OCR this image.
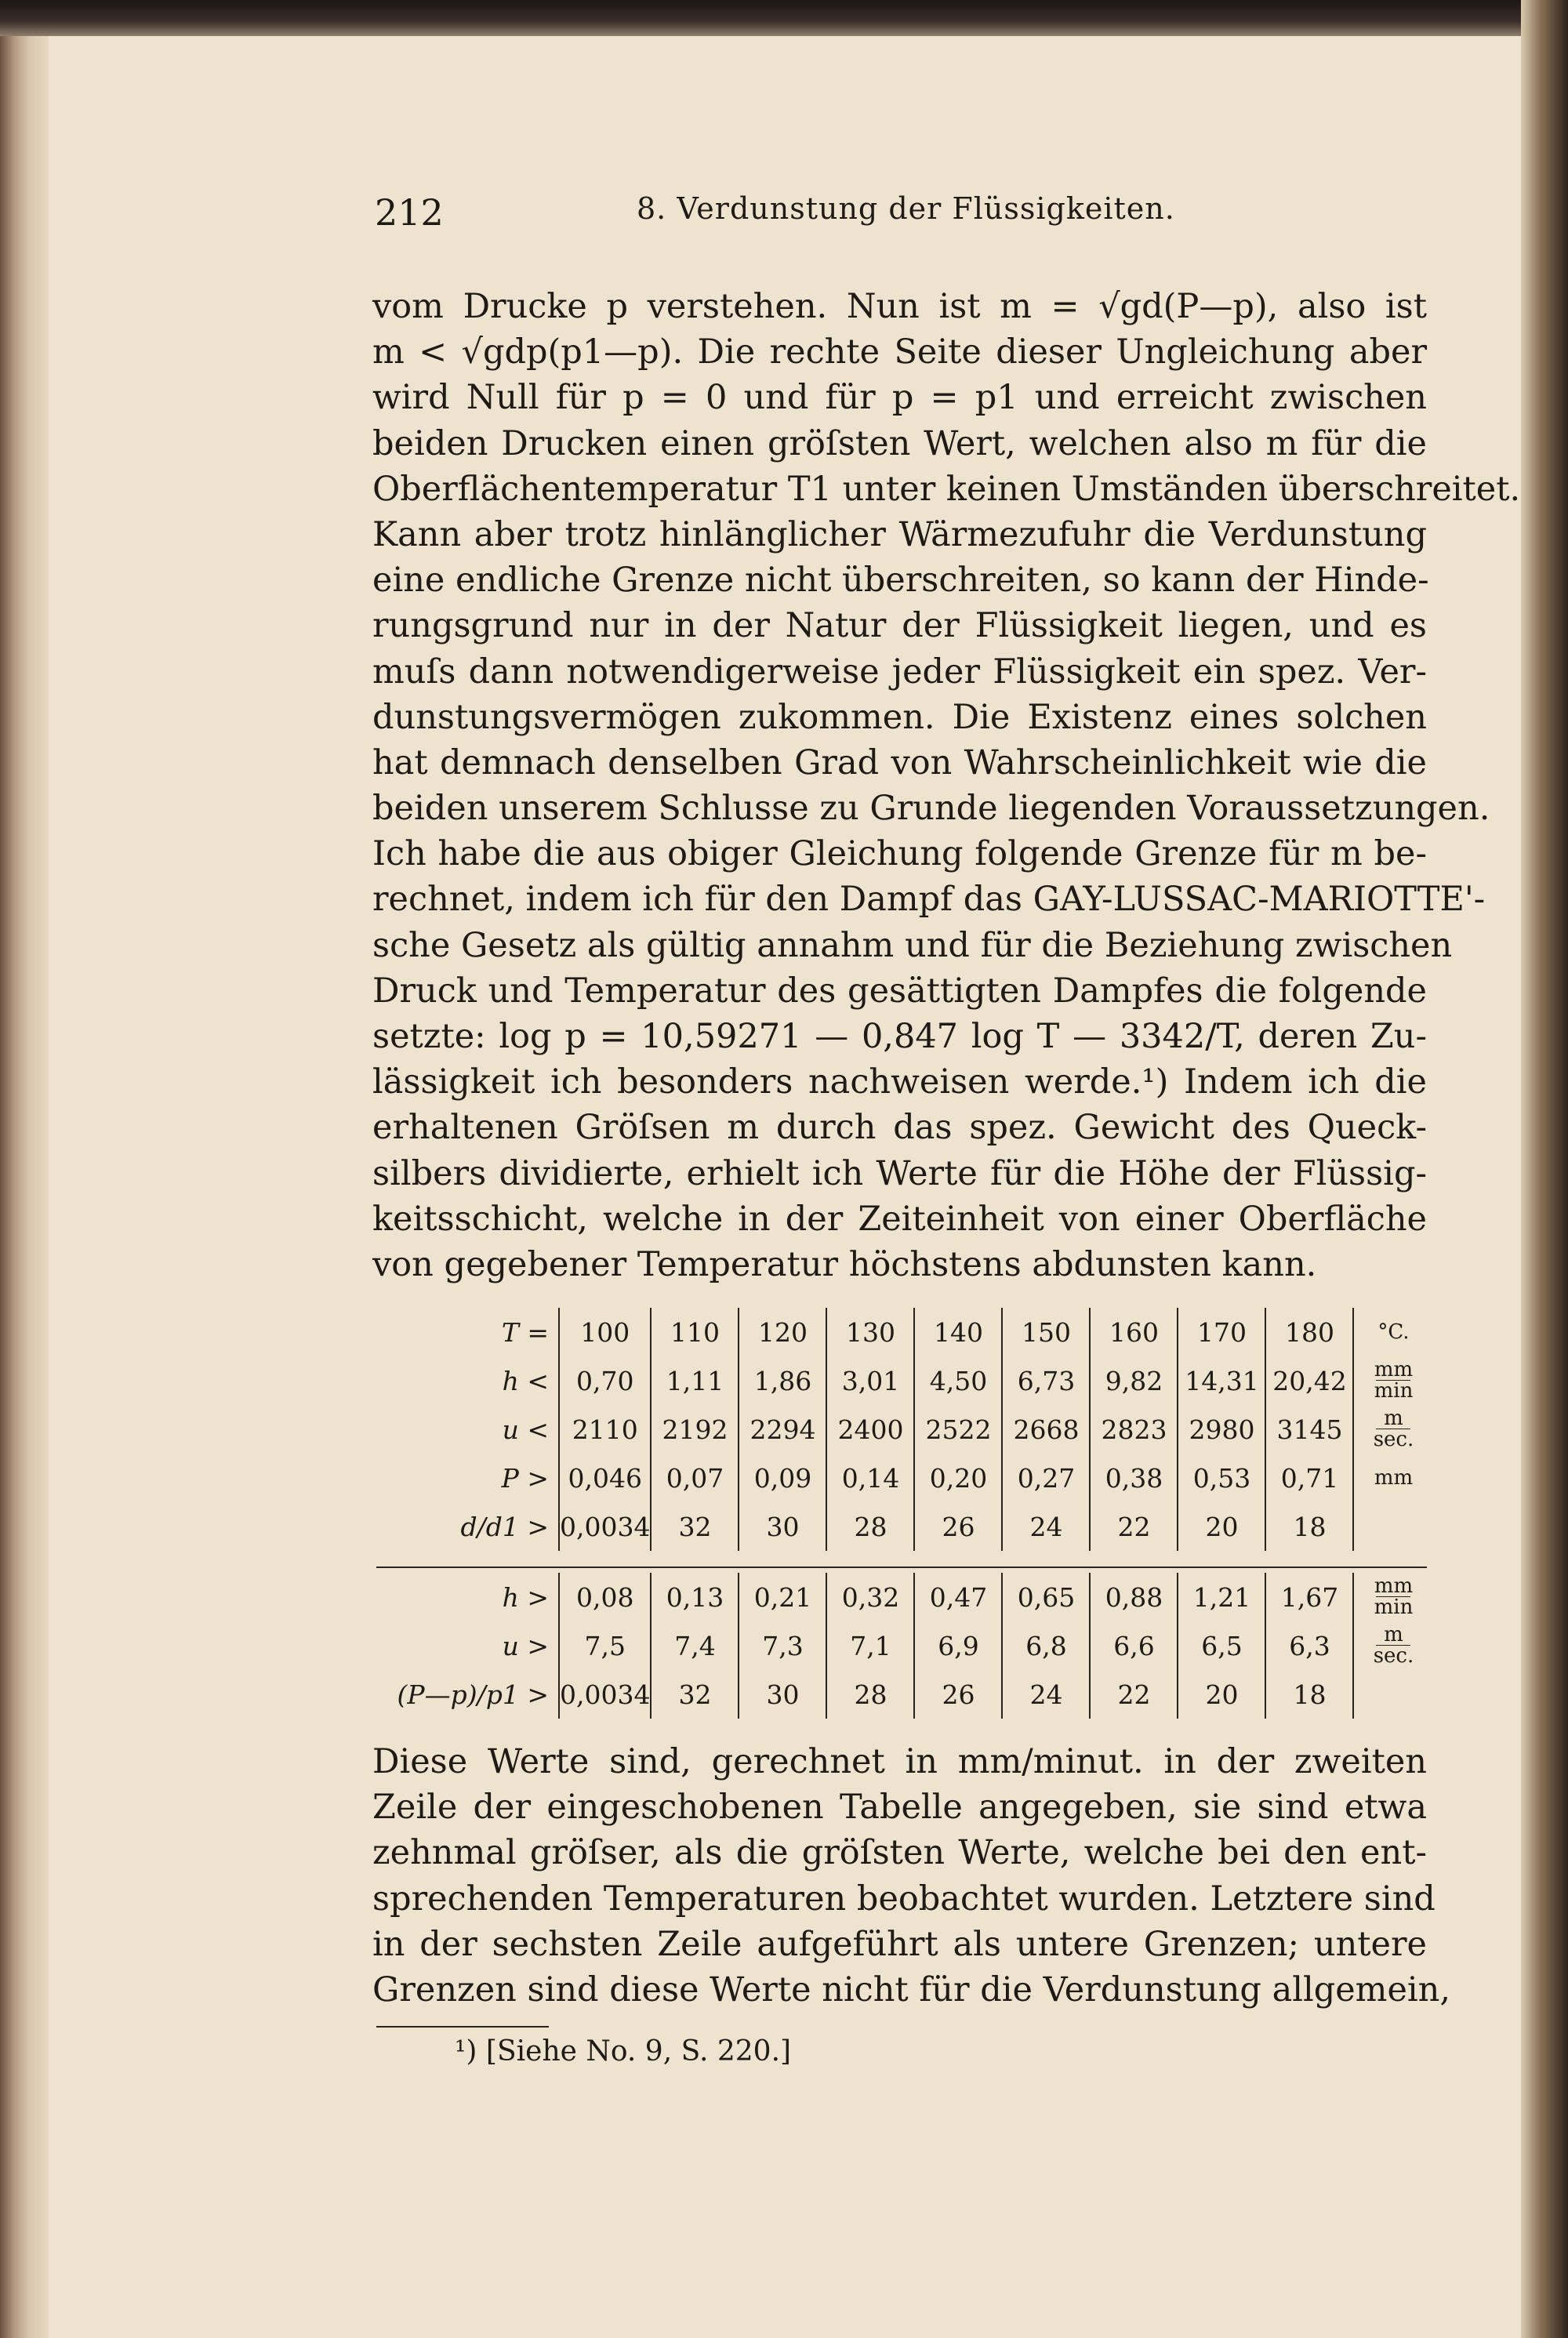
212	8. Verdunstung der Flüssigkeiten.
vom Drucke p verstehen. Nun ist m = √gd(P—p), also ist
m < √gdp(p1—p). Die rechte Seite dieser Ungleichung aber
wird Null für p = 0 und für p = p1 und erreicht zwischen
beiden Drucken einen gröſsten Wert, welchen also m für die
Oberflächentemperatur T1 unter keinen Umständen überschreitet.
Kann aber trotz hinlänglicher Wärmezufuhr die Verdunstung
eine endliche Grenze nicht überschreiten, so kann der Hinde-
rungsgrund nur in der Natur der Flüssigkeit liegen, und es
muſs dann notwendigerweise jeder Flüssigkeit ein spez. Ver-
dunstungsvermögen zukommen. Die Existenz eines solchen
hat demnach denselben Grad von Wahrscheinlichkeit wie die
beiden unserem Schlusse zu Grunde liegenden Voraussetzungen.
Ich habe die aus obiger Gleichung folgende Grenze für m be-
rechnet, indem ich für den Dampf das GAY-LUSSAC-MARIOTTE'-
sche Gesetz als gültig annahm und für die Beziehung zwischen
Druck und Temperatur des gesättigten Dampfes die folgende
setzte: log p = 10,59271 — 0,847 log T — 3342/T, deren Zu-
lässigkeit ich besonders nachweisen werde.¹) Indem ich die
erhaltenen Gröſsen m durch das spez. Gewicht des Queck-
silbers dividierte, erhielt ich Werte für die Höhe der Flüssig-
keitsschicht, welche in der Zeiteinheit von einer Oberfläche
von gegebener Temperatur höchstens abdunsten kann.
T =	100	110	120	130	140	150	160	170	180	°C.
h <	0,70	1,11	1,86	3,01	4,50	6,73	9,82	14,31	20,42	$\frac{mm}{\min}$

u <	2110	2192	2294	2400	2522	2668	2823	2980	3145	$\frac{m}{\sec.}$

P >	0,046	0,07	0,09	0,14	0,20	0,27	0,38	0,53	0,71	mm
d/d1 >	0,0034	32	30	28	26	24	22	20	18	
h >	0,08	0,13	0,21	0,32	0,47	0,65	0,88	1,21	1,67	$\frac{mm}{\min}$

u >	7,5	7,4	7,3	7,1	6,9	6,8	6,6	6,5	6,3	$\frac{m}{\sec.}$

(P—p)/p1 >	0,0034	32	30	28	26	24	22	20	18	
Diese Werte sind, gerechnet in mm/minut. in der zweiten
Zeile der eingeschobenen Tabelle angegeben, sie sind etwa
zehnmal gröſser, als die gröſsten Werte, welche bei den ent-
sprechenden Temperaturen beobachtet wurden. Letztere sind
in der sechsten Zeile aufgeführt als untere Grenzen; untere
Grenzen sind diese Werte nicht für die Verdunstung allgemein,
¹) [Siehe No. 9, S. 220.]
